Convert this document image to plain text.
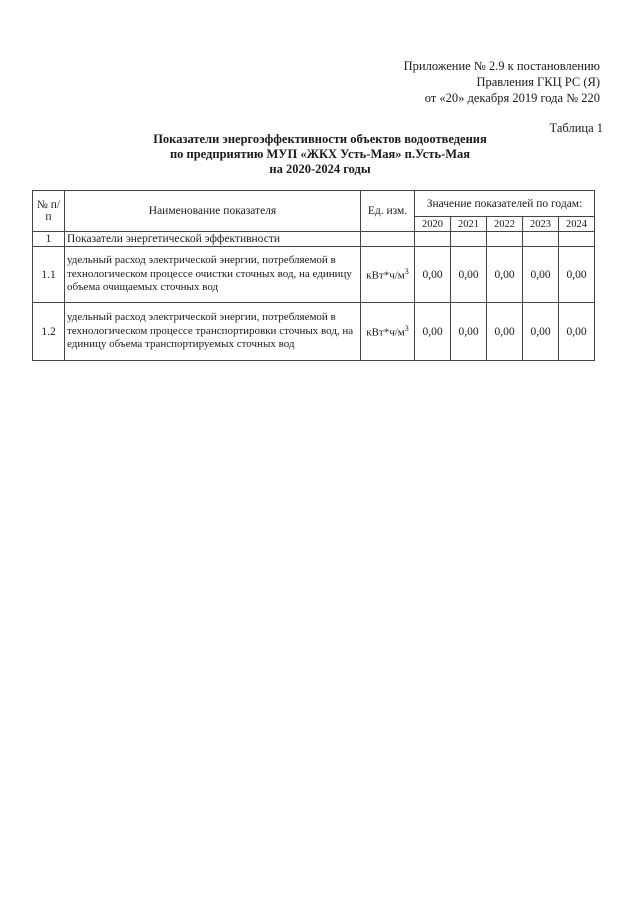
Приложение № 2.9 к постановлению
Правления ГКЦ РС (Я)
от «20» декабря 2019 года № 220
Таблица 1
Показатели энергоэффективности объектов водоотведения
по предприятию МУП «ЖКХ Усть-Мая» п.Усть-Мая
на 2020-2024 годы
№ п/п	Наименование показателя	Ед. изм.	Значение показателей по годам:				
			2020	2021	2022	2023	2024
1	Показатели энергетической эффективности						
1.1	удельный расход электрической энергии, потребляемой в технологическом процессе очистки сточных вод, на единицу объема очищаемых сточных вод	$кВт*ч/м^3$	0,00	0,00	0,00	0,00	0,00
1.2	удельный расход электрической энергии, потребляемой в технологическом процессе транспортировки сточных вод, на единицу объема транспортируемых сточных вод	$кВт*ч/м^3$	0,00	0,00	0,00	0,00	0,00
